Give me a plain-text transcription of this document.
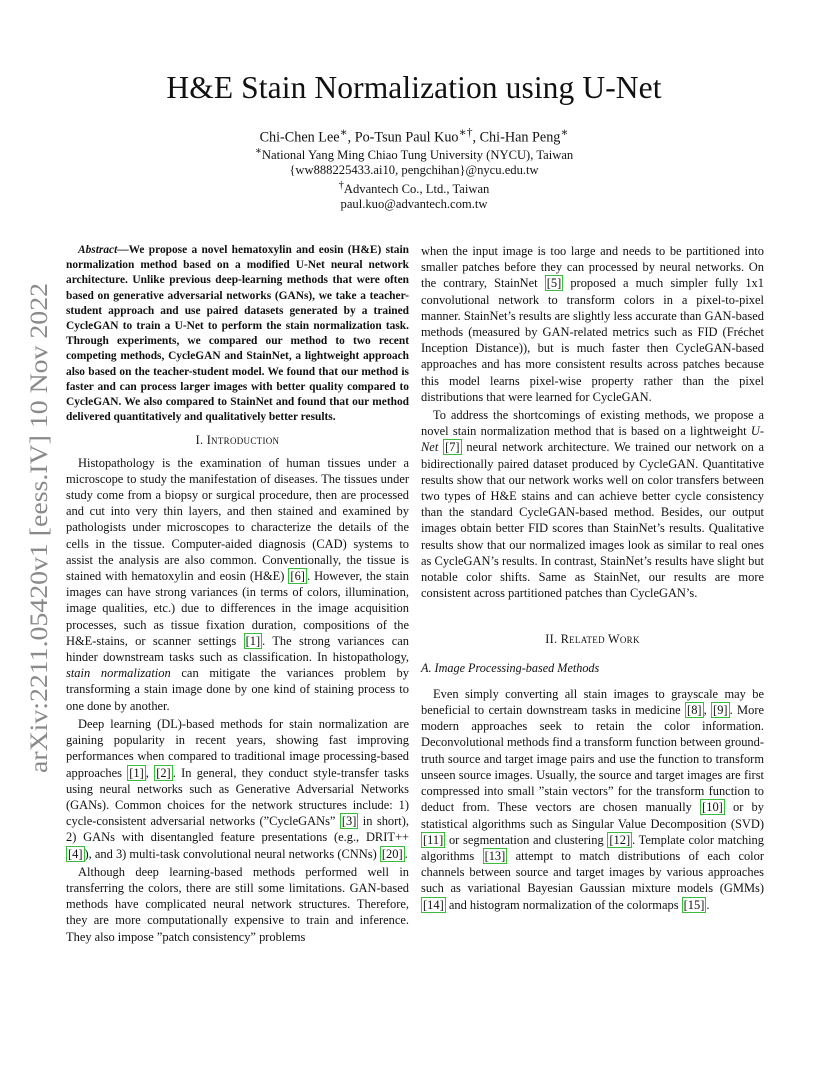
arXiv:2211.05420v1 [eess.IV] 10 Nov 2022
H&E Stain Normalization using U-Net
Chi-Chen Lee∗, Po-Tsun Paul Kuo∗†, Chi-Han Peng∗
∗National Yang Ming Chiao Tung University (NYCU), Taiwan
{ww888225433.ai10, pengchihan}@nycu.edu.tw
†Advantech Co., Ltd., Taiwan
paul.kuo@advantech.com.tw

Abstract—We propose a novel hematoxylin and eosin (H&E) stain normalization method based on a modified U-Net neural network architecture. Unlike previous deep-learning methods that were often based on generative adversarial networks (GANs), we take a teacher-student approach and use paired datasets generated by a trained CycleGAN to train a U-Net to perform the stain normalization task. Through experiments, we compared our method to two recent competing methods, CycleGAN and StainNet, a lightweight approach also based on the teacher-student model. We found that our method is faster and can process larger images with better quality compared to CycleGAN. We also compared to StainNet and found that our method delivered quantitatively and qualitatively better results.

I. Introduction

Histopathology is the examination of human tissues under a microscope to study the manifestation of diseases. The tissues under study come from a biopsy or surgical procedure, then are processed and cut into very thin layers, and then stained and examined by pathologists under microscopes to characterize the details of the cells in the tissue. Computer-aided diagnosis (CAD) systems to assist the analysis are also common. Conventionally, the tissue is stained with hematoxylin and eosin (H&E) [6] . However, the stain images can have strong variances (in terms of colors, illumination, image qualities, etc.) due to differences in the image acquisition processes, such as tissue fixation duration, compositions of the H&E-stains, or scanner settings [1] . The strong variances can hinder downstream tasks such as classification. In histopathology, stain normalization can mitigate the variances problem by transforming a stain image done by one kind of staining process to one done by another.

Deep learning (DL)-based methods for stain normalization are gaining popularity in recent years, showing fast improving performances when compared to traditional image processing-based approaches [1] , [2] . In general, they conduct style-transfer tasks using neural networks such as Generative Adversarial Networks (GANs). Common choices for the network structures include: 1) cycle-consistent adversarial networks (”CycleGANs” [3] in short), 2) GANs with disentangled feature presentations (e.g., DRIT++ [4] ), and 3) multi-task convolutional neural networks (CNNs) [20] .

Although deep learning-based methods performed well in transferring the colors, there are still some limitations. GAN-based methods have complicated neural network structures. Therefore, they are more computationally expensive to train and inference. They also impose ”patch consistency” problems

when the input image is too large and needs to be partitioned into smaller patches before they can processed by neural networks. On the contrary, StainNet [5] proposed a much simpler fully 1x1 convolutional network to transform colors in a pixel-to-pixel manner. StainNet’s results are slightly less accurate than GAN-based methods (measured by GAN-related metrics such as FID (Fréchet Inception Distance)), but is much faster then CycleGAN-based approaches and has more consistent results across patches because this model learns pixel-wise property rather than the pixel distributions that were learned for CycleGAN.

To address the shortcomings of existing methods, we propose a novel stain normalization method that is based on a lightweight U-Net [7] neural network architecture. We trained our network on a bidirectionally paired dataset produced by CycleGAN. Quantitative results show that our network works well on color transfers between two types of H&E stains and can achieve better cycle consistency than the standard CycleGAN-based method. Besides, our output images obtain better FID scores than StainNet’s results. Qualitative results show that our normalized images look as similar to real ones as CycleGAN’s results. In contrast, StainNet’s results have slight but notable color shifts. Same as StainNet, our results are more consistent across partitioned patches than CycleGAN’s.

II. Related Work
A. Image Processing-based Methods

Even simply converting all stain images to grayscale may be beneficial to certain downstream tasks in medicine [8] , [9] . More modern approaches seek to retain the color information. Deconvolutional methods find a transform function between ground-truth source and target image pairs and use the function to transform unseen source images. Usually, the source and target images are first compressed into small ”stain vectors” for the transform function to deduct from. These vectors are chosen manually [10] or by statistical algorithms such as Singular Value Decomposition (SVD) [11] or segmentation and clustering [12] . Template color matching algorithms [13] attempt to match distributions of each color channels between source and target images by various approaches such as variational Bayesian Gaussian mixture models (GMMs) [14] and histogram normalization of the colormaps [15] .
